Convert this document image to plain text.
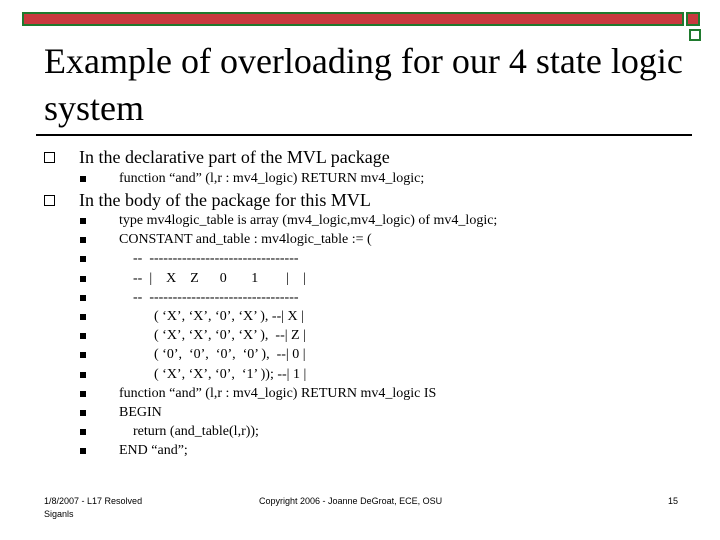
Example of overloading for our 4 state logic system
In the declarative part of the MVL package

function “and” (l,r : mv4_logic) RETURN mv4_logic;

In the body of the package for this MVL
type mv4logic_table is array (mv4_logic,mv4_logic) of mv4_logic;
CONSTANT and_table : mv4logic_table := (
--  --------------------------------
--  |    X    Z      0       1        |    |
--  --------------------------------
( ‘X’, ‘X’, ‘0’, ‘X’ ), --| X |
( ‘X’, ‘X’, ‘0’, ‘X’ ),  --| Z |
( ‘0’,  ‘0’,  ‘0’,  ‘0’ ),  --| 0 |
( ‘X’, ‘X’, ‘0’,  ‘1’ )); --| 1 |
function “and” (l,r : mv4_logic) RETURN mv4_logic IS
BEGIN
return (and_table(l,r));
END “and”;
1/8/2007 - L17 Resolved
Siganls
Copyright 2006 - Joanne DeGroat, ECE, OSU	15
